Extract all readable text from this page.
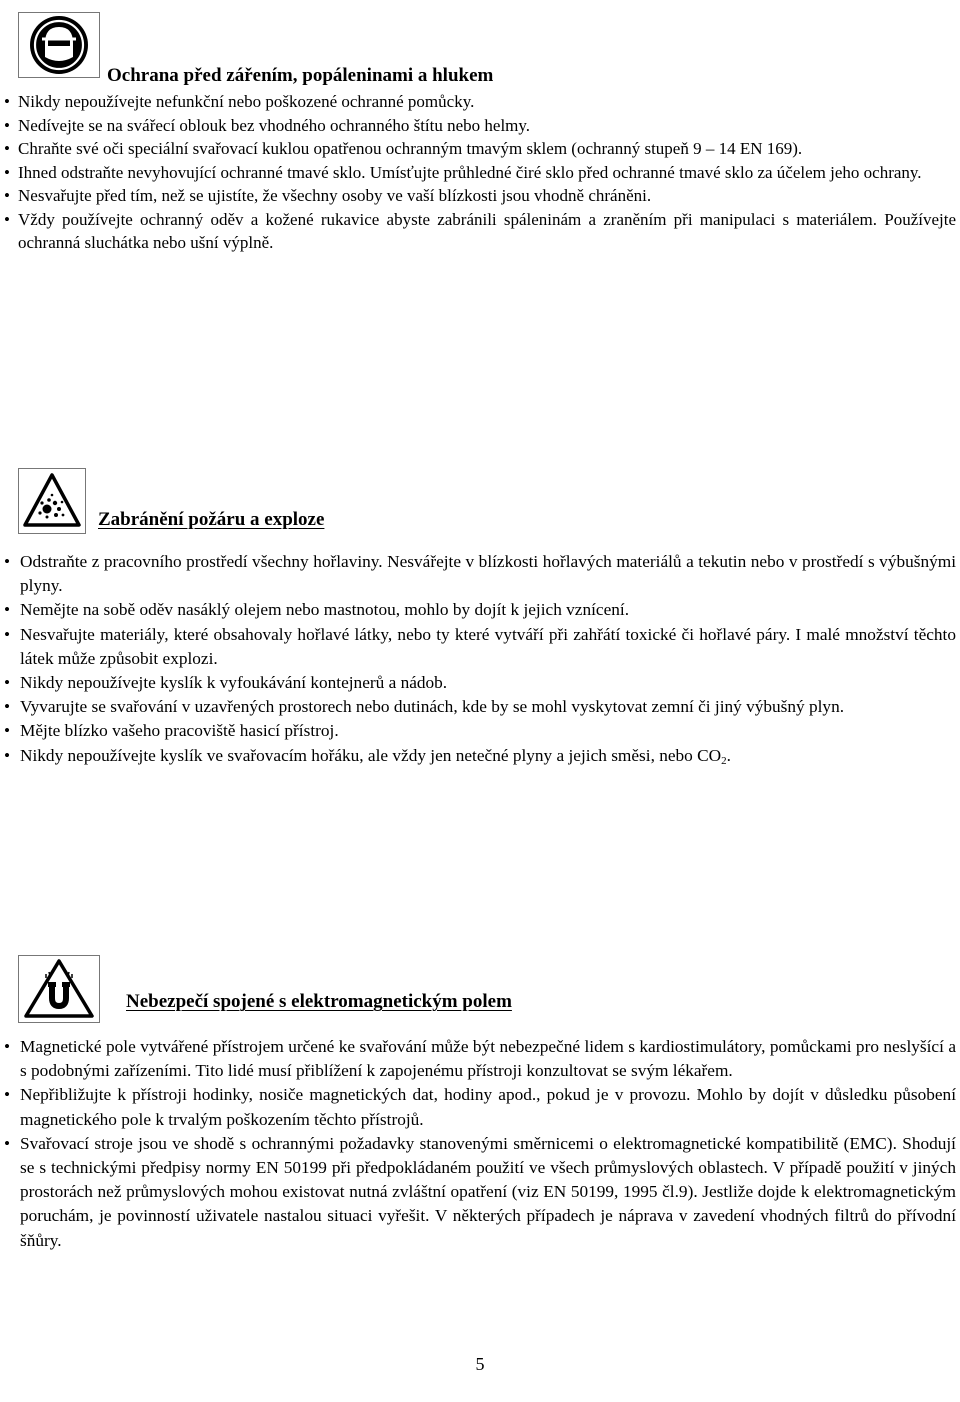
Ochrana před zářením, popáleninami a hlukem
• Nikdy nepoužívejte nefunkční nebo poškozené ochranné pomůcky.
• Nedívejte se na svářecí oblouk bez vhodného ochranného štítu nebo helmy.
• Chraňte své oči speciální svařovací kuklou opatřenou ochranným tmavým sklem (ochranný stupeň 9 – 14 EN 169).
• Ihned odstraňte nevyhovující ochranné tmavé sklo. Umísťujte průhledné čiré sklo před ochranné tmavé sklo za účelem jeho ochrany.
• Nesvařujte před tím, než se ujistíte, že všechny osoby ve vaší blízkosti jsou vhodně chráněni.
• Vždy používejte ochranný oděv a kožené rukavice abyste zabránili spáleninám a zraněním při manipulaci s materiálem. Používejte ochranná sluchátka nebo ušní výplně.
Zabránění požáru a exploze
• Odstraňte z pracovního prostředí všechny hořlaviny. Nesvářejte v blízkosti hořlavých materiálů a tekutin nebo v prostředí s výbušnými plyny.
• Nemějte na sobě oděv nasáklý olejem nebo mastnotou, mohlo by dojít k jejich vznícení.
• Nesvařujte materiály, které obsahovaly hořlavé látky, nebo ty které vytváří při zahřátí toxické či hořlavé páry. I malé množství těchto látek může způsobit explozi.
• Nikdy nepoužívejte kyslík k vyfoukávání kontejnerů a nádob.
• Vyvarujte se svařování v uzavřených prostorech nebo dutinách, kde by se mohl vyskytovat zemní či jiný výbušný plyn.
• Mějte blízko vašeho pracoviště hasicí přístroj.
• Nikdy nepoužívejte kyslík ve svařovacím hořáku, ale vždy jen netečné plyny a jejich směsi, nebo $CO_2$.
Nebezpečí spojené s elektromagnetickým polem
• Magnetické pole vytvářené přístrojem určené ke svařování může být nebezpečné lidem s kardiostimulátory, pomůckami pro neslyšící a s podobnými zařízeními. Tito lidé musí přiblížení k zapojenému přístroji konzultovat se svým lékařem.
• Nepřibližujte k přístroji hodinky, nosiče magnetických dat, hodiny apod., pokud je v provozu. Mohlo by dojít v důsledku působení magnetického pole k trvalým poškozením těchto přístrojů.
• Svařovací stroje jsou ve shodě s ochrannými požadavky stanovenými směrnicemi o elektromagnetické kompatibilitě (EMC). Shodují se s technickými předpisy normy EN 50199 při předpokládaném použití ve všech průmyslových oblastech. V případě použití v jiných prostorách než průmyslových mohou existovat nutná zvláštní opatření (viz EN 50199, 1995 čl.9). Jestliže dojde k elektromagnetickým poruchám, je povinností uživatele nastalou situaci vyřešit. V některých případech je náprava v zavedení vhodných filtrů do přívodní šňůry.
5
